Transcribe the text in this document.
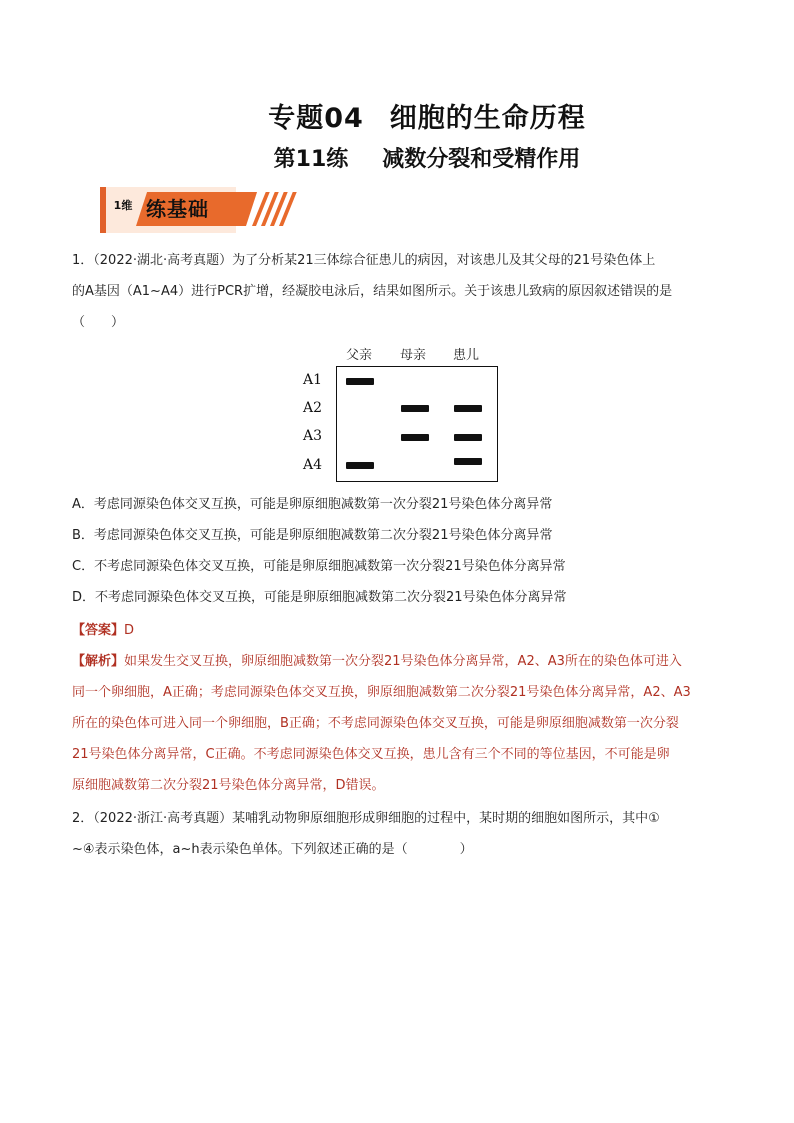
专题04 细胞的生命历程
第11练 减数分裂和受精作用
1维 练基础
1．（2022·湖北·高考真题）为了分析某21三体综合征患儿的病因，对该患儿及其父母的21号染色体上
的A基因（A1~A4）进行PCR扩增，经凝胶电泳后，结果如图所示。关于该患儿致病的原因叙述错误的是
（　　）
父亲 母亲 患儿
A1
A2
A3
A4
A．考虑同源染色体交叉互换，可能是卵原细胞减数第一次分裂21号染色体分离异常
B．考虑同源染色体交叉互换，可能是卵原细胞减数第二次分裂21号染色体分离异常
C．不考虑同源染色体交叉互换，可能是卵原细胞减数第一次分裂21号染色体分离异常
D．不考虑同源染色体交叉互换，可能是卵原细胞减数第二次分裂21号染色体分离异常
【答案】D
【解析】如果发生交叉互换，卵原细胞减数第一次分裂21号染色体分离异常，A2、A3所在的染色体可进入
同一个卵细胞，A正确；考虑同源染色体交叉互换，卵原细胞减数第二次分裂21号染色体分离异常，A2、A3
所在的染色体可进入同一个卵细胞，B正确；不考虑同源染色体交叉互换，可能是卵原细胞减数第一次分裂
21号染色体分离异常，C正确。不考虑同源染色体交叉互换，患儿含有三个不同的等位基因，不可能是卵
原细胞减数第二次分裂21号染色体分离异常，D错误。
2．（2022·浙江·高考真题）某哺乳动物卵原细胞形成卵细胞的过程中，某时期的细胞如图所示，其中①
~④表示染色体，a~h表示染色单体。下列叙述正确的是（　　　　）
